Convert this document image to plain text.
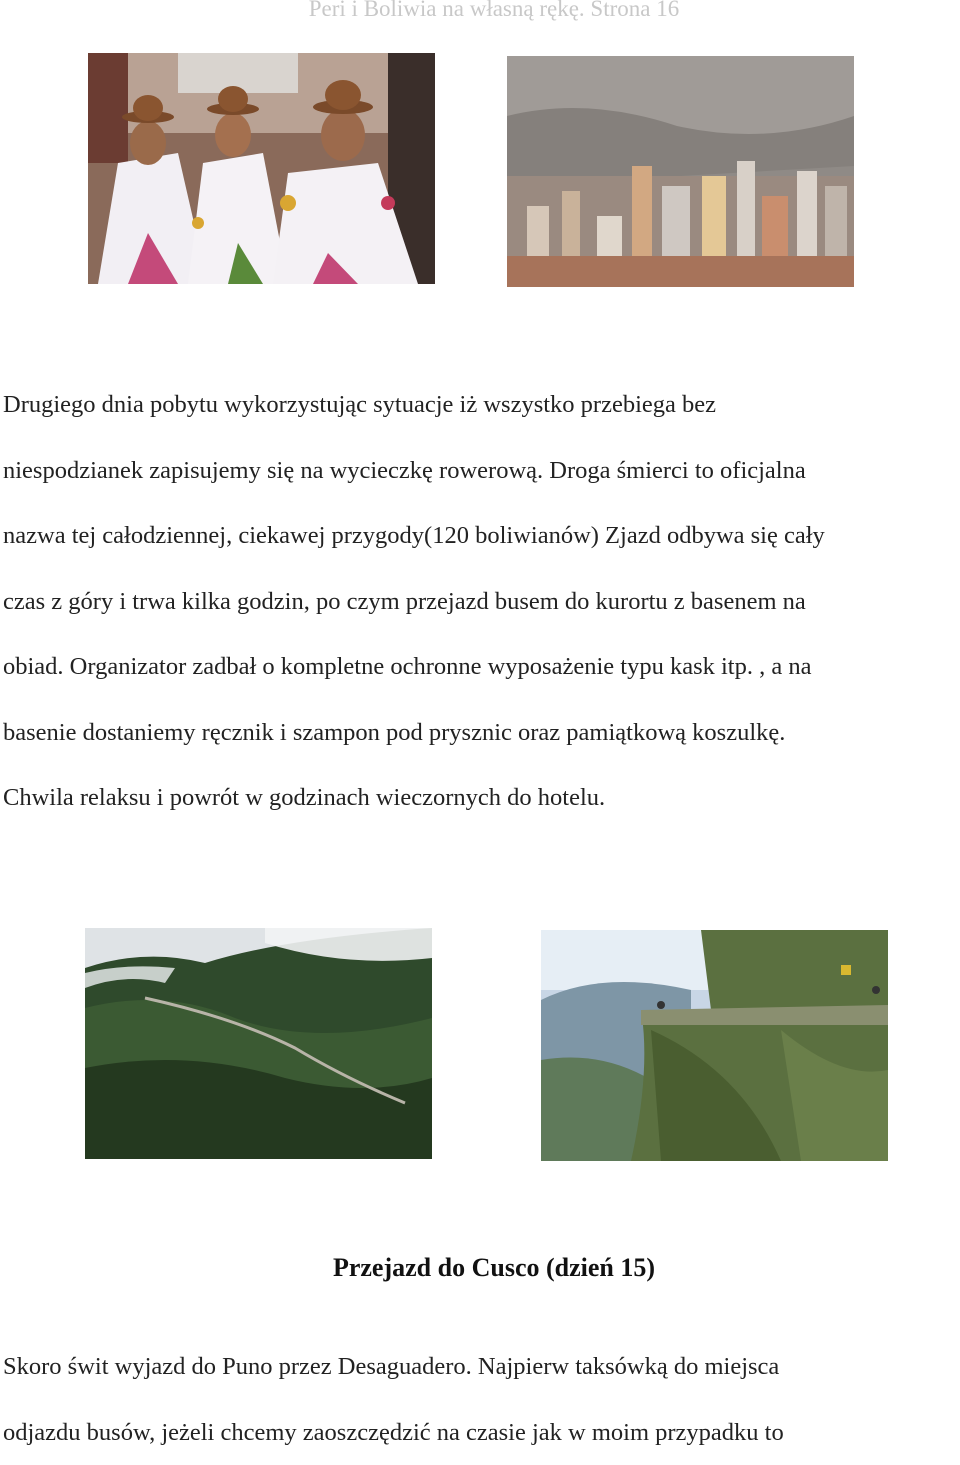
Peri i Boliwia na własną rękę. Strona 16

Drugiego dnia pobytu wykorzystując sytuacje iż wszystko przebiega bez

niespodzianek zapisujemy się na wycieczkę rowerową. Droga śmierci to oficjalna

nazwa tej całodziennej, ciekawej przygody(120 boliwianów) Zjazd odbywa się cały

czas z góry i trwa kilka godzin, po czym przejazd busem do kurortu z basenem na

obiad. Organizator zadbał o kompletne ochronne wyposażenie typu kask itp. , a na

basenie dostaniemy ręcznik i szampon pod prysznic oraz pamiątkową koszulkę.

Chwila relaksu i powrót w godzinach wieczornych do hotelu.

Przejazd do Cusco (dzień 15)

Skoro świt wyjazd do Puno przez Desaguadero. Najpierw taksówką do miejsca

odjazdu busów, jeżeli chcemy zaoszczędzić na czasie jak w moim przypadku to
